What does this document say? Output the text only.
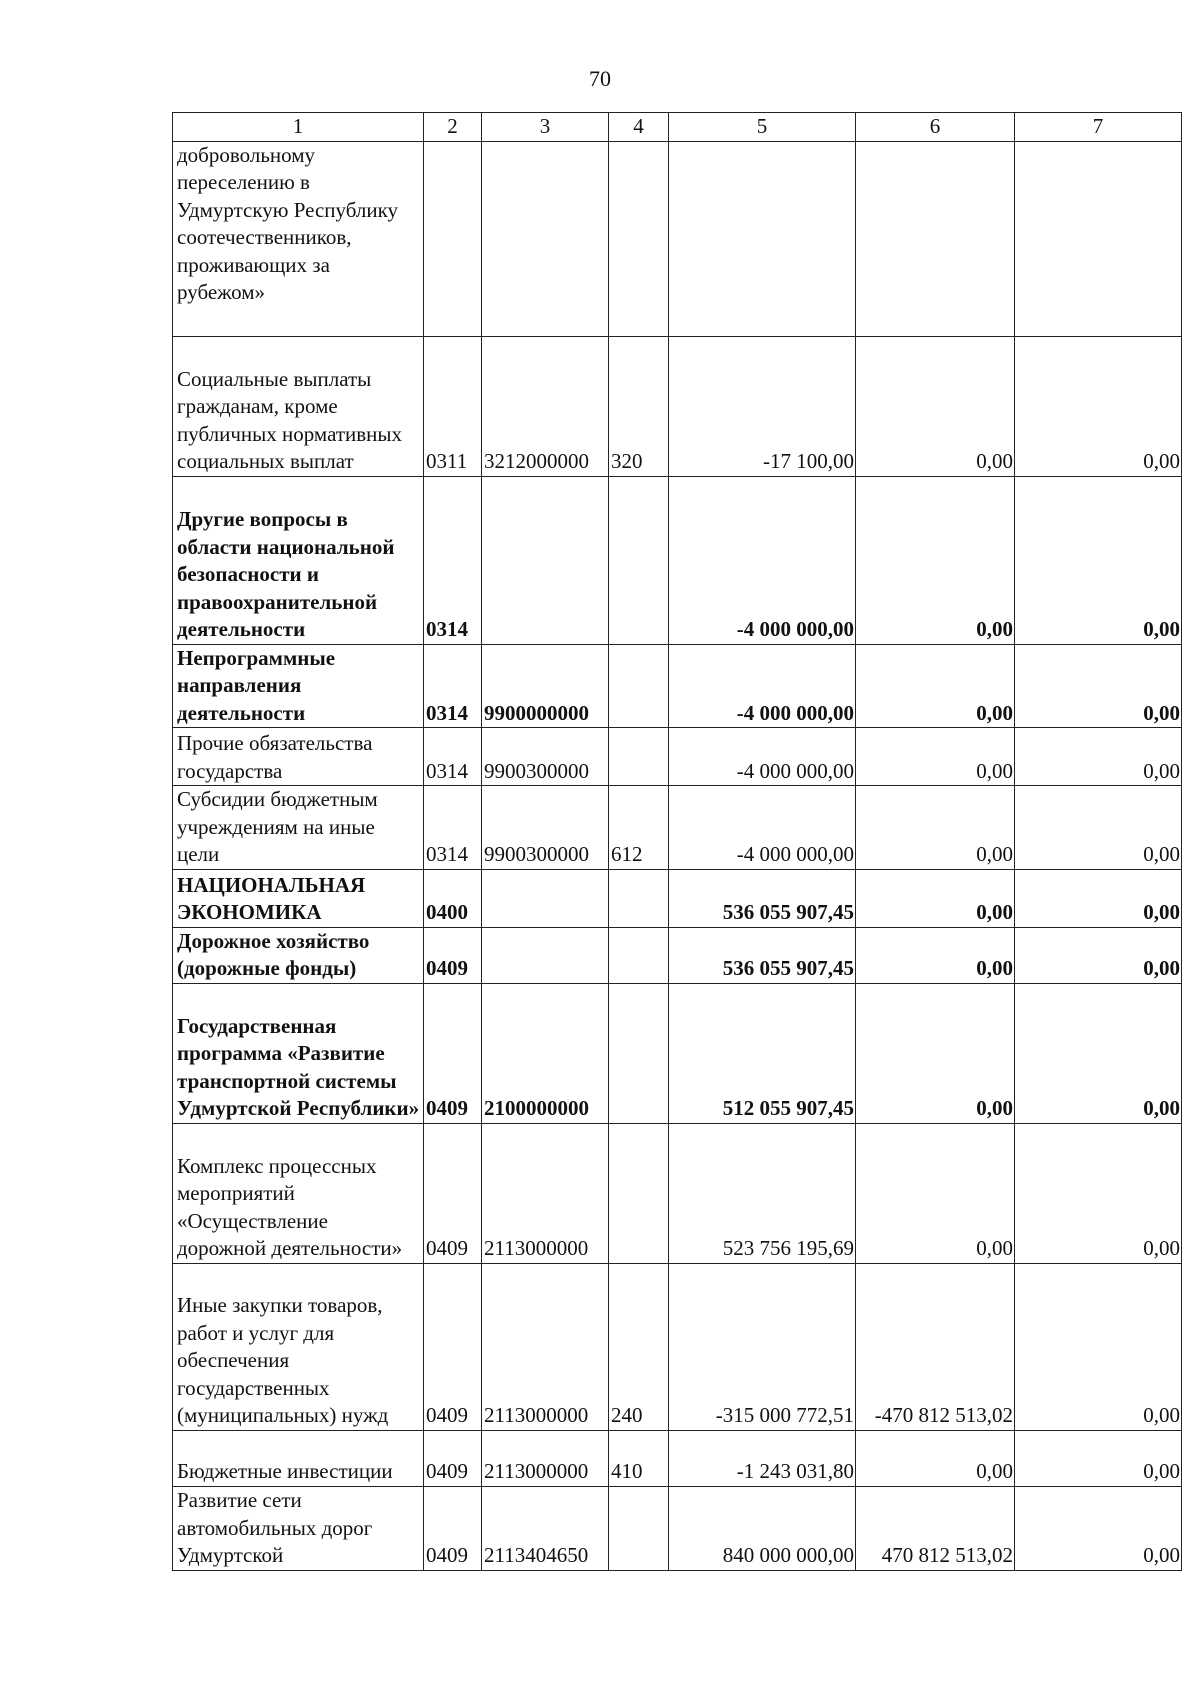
70
1	2	3	4	5	6	7
добровольному переселению в Удмуртскую Республику соотечественников, проживающих за рубежом»						
Социальные выплаты гражданам, кроме публичных нормативных социальных выплат	0311	3212000000	320	-17 100,00	0,00	0,00
Другие вопросы в области национальной безопасности и правоохранительной деятельности	0314			-4 000 000,00	0,00	0,00
Непрограммные направления деятельности	0314	9900000000		-4 000 000,00	0,00	0,00
Прочие обязательства государства	0314	9900300000		-4 000 000,00	0,00	0,00
Субсидии бюджетным учреждениям на иные цели	0314	9900300000	612	-4 000 000,00	0,00	0,00
НАЦИОНАЛЬНАЯ ЭКОНОМИКА	0400			536 055 907,45	0,00	0,00
Дорожное хозяйство (дорожные фонды)	0409			536 055 907,45	0,00	0,00
Государственная программа «Развитие транспортной системы Удмуртской Республики»	0409	2100000000		512 055 907,45	0,00	0,00
Комплекс процессных мероприятий «Осуществление дорожной деятельности»	0409	2113000000		523 756 195,69	0,00	0,00
Иные закупки товаров, работ и услуг для обеспечения государственных (муниципальных) нужд	0409	2113000000	240	-315 000 772,51	-470 812 513,02	0,00
Бюджетные инвестиции	0409	2113000000	410	-1 243 031,80	0,00	0,00
Развитие сети автомобильных дорог Удмуртской	0409	2113404650		840 000 000,00	470 812 513,02	0,00
